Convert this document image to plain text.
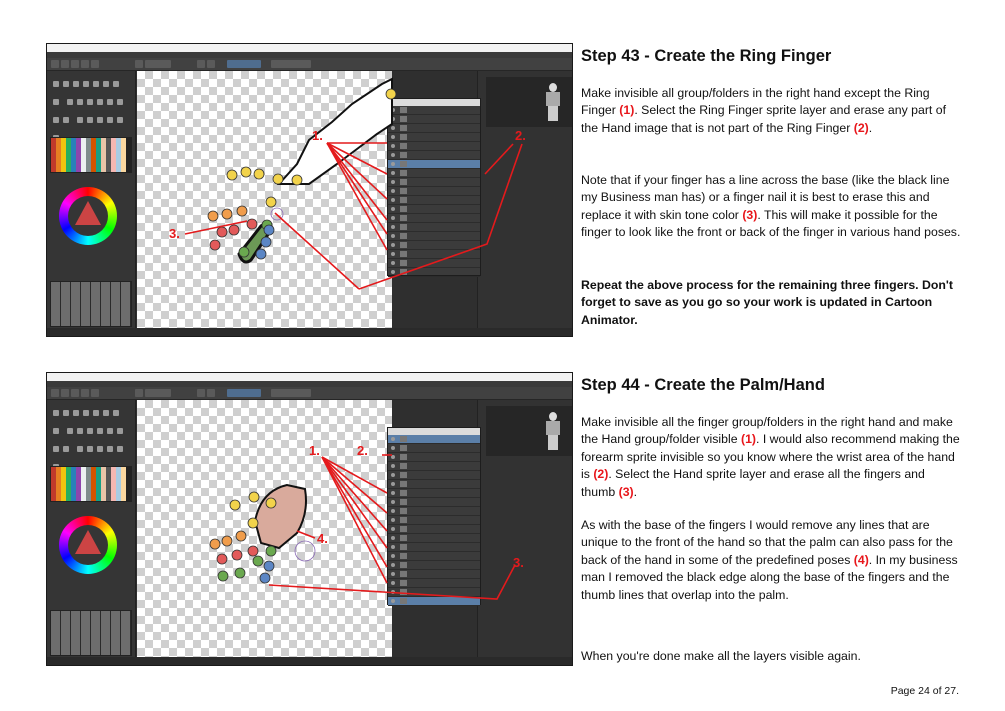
1.	2.
3.

1.	2.
3.
4.
Step 43 - Create the Ring Finger

Make invisible all group/folders in the right hand except the Ring Finger (1). Select the Ring Finger sprite layer and erase any part of the Hand image that is not part of the Ring Finger (2).

Note that if your finger has a line across the base (like the black line my Business man has) or a finger nail it is best to erase this and replace it with skin tone color (3). This will make it possible for the finger to look like the front or back of the finger in various hand poses.

Repeat the above process for the remaining three fingers. Don't forget to save as you go so your work is updated in Cartoon Animator.

Step 44 - Create the Palm/Hand

Make invisible all the finger group/folders in the right hand and make the Hand group/folder visible (1). I would also recommend making the forearm sprite invisible so you know where the wrist area of the hand is (2). Select the Hand sprite layer and erase all the fingers and thumb (3).

As with the base of the fingers I would remove any lines that are unique to the front of the hand so that the palm can also pass for the back of the hand in some of the predefined poses (4). In my business man I removed the black edge along the base of the fingers and the thumb lines that overlap into the palm.

When you're done make all the layers visible again.

Page 24 of 27.
